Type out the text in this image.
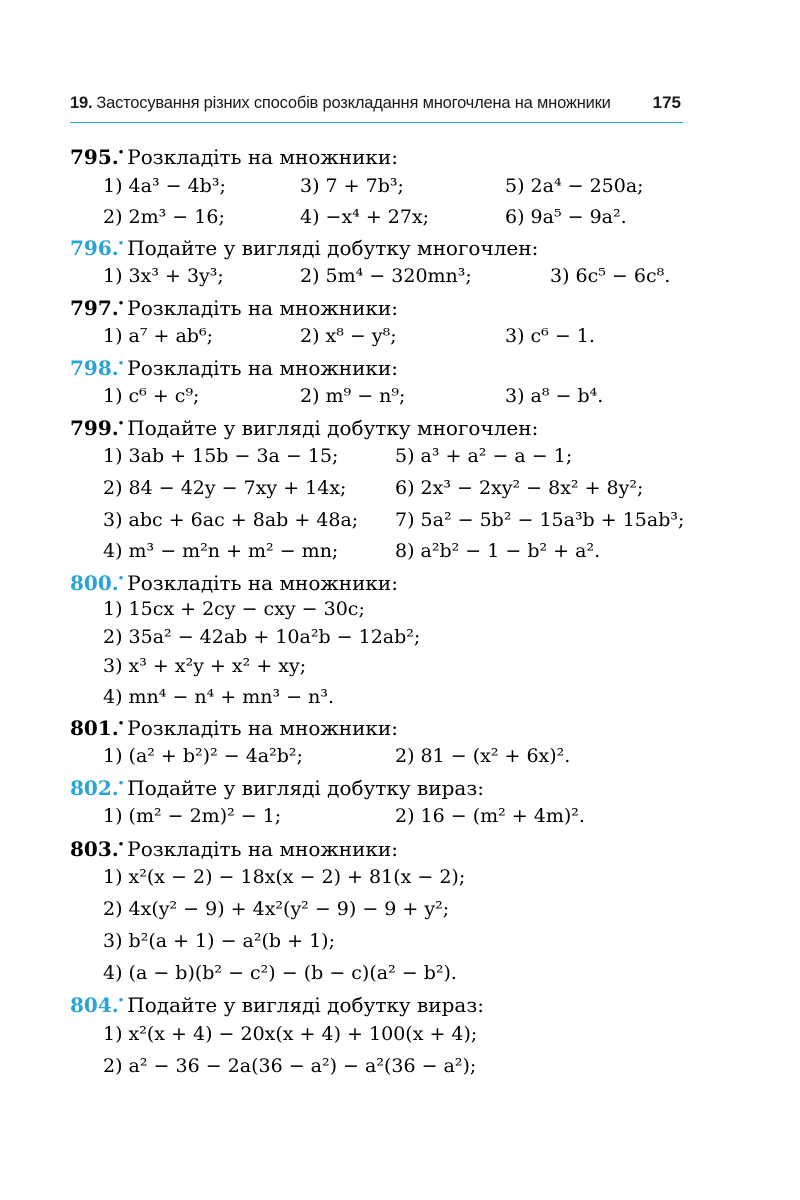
19. Застосування різних способів розкладання многочлена на множники 175
795.• Розкладіть на множники:
1) 4a³ − 4b³;	3) 7 + 7b³;	5) 2a⁴ − 250a;
2) 2m³ − 16;	4) −x⁴ + 27x;	6) 9a⁵ − 9a².
796.• Подайте у вигляді добутку многочлен:
1) 3x³ + 3y³;	2) 5m⁴ − 320mn³;	3) 6c⁵ − 6c⁸.
797.• Розкладіть на множники:
1) a⁷ + ab⁶;	2) x⁸ − y⁸;	3) c⁶ − 1.
798.• Розкладіть на множники:
1) c⁶ + c⁹;	2) m⁹ − n⁹;	3) a⁸ − b⁴.
799.• Подайте у вигляді добутку многочлен:
1) 3ab + 15b − 3a − 15;	5) a³ + a² − a − 1;
2) 84 − 42y − 7xy + 14x;	6) 2x³ − 2xy² − 8x² + 8y²;
3) abc + 6ac + 8ab + 48a; 7) 5a² − 5b² − 15a³b + 15ab³;
4) m³ − m²n + m² − mn;	8) a²b² − 1 − b² + a².
800.• Розкладіть на множники:
1) 15cx + 2cy − cxy − 30c;
2) 35a² − 42ab + 10a²b − 12ab²;
3) x³ + x²y + x² + xy;
4) mn⁴ − n⁴ + mn³ − n³.
801.• Розкладіть на множники:
1) (a² + b²)² − 4a²b²;	2) 81 − (x² + 6x)².
802.• Подайте у вигляді добутку вираз:
1) (m² − 2m)² − 1;	2) 16 − (m² + 4m)².
803.• Розкладіть на множники:
1) x²(x − 2) − 18x(x − 2) + 81(x − 2);
2) 4x(y² − 9) + 4x²(y² − 9) − 9 + y²;
3) b²(a + 1) − a²(b + 1);
4) (a − b)(b² − c²) − (b − c)(a² − b²).
804.• Подайте у вигляді добутку вираз:
1) x²(x + 4) − 20x(x + 4) + 100(x + 4);
2) a² − 36 − 2a(36 − a²) − a²(36 − a²);
